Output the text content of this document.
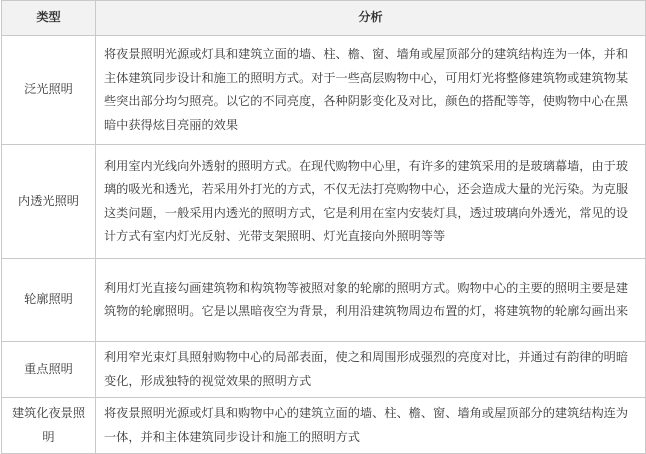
类型	分析
泛光照明	将夜景照明光源或灯具和建筑立面的墙、柱、檐、窗、墙角或屋顶部分的建筑结构连为一体，并和主体建筑同步设计和施工的照明方式。对于一些高层购物中心，可用灯光将整修建筑物或建筑物某些突出部分均匀照亮。以它的不同亮度，各种阴影变化及对比，颜色的搭配等等，使购物中心在黑暗中获得炫目亮丽的效果
内透光照明	利用室内光线向外透射的照明方式。在现代购物中心里，有许多的建筑采用的是玻璃幕墙，由于玻璃的吸光和透光，若采用外打光的方式，不仅无法打亮购物中心，还会造成大量的光污染。为克服这类问题，一般采用内透光的照明方式，它是利用在室内安装灯具，透过玻璃向外透光，常见的设计方式有室内灯光反射、光带支架照明、灯光直接向外照明等等
轮廓照明	利用灯光直接勾画建筑物和构筑物等被照对象的轮廓的照明方式。购物中心的主要的照明主要是建筑物的轮廓照明。它是以黑暗夜空为背景，利用沿建筑物周边布置的灯，将建筑物的轮廓勾画出来
重点照明	利用窄光束灯具照射购物中心的局部表面，使之和周围形成强烈的亮度对比，并通过有韵律的明暗变化，形成独特的视觉效果的照明方式
建筑化夜景照明	将夜景照明光源或灯具和购物中心的建筑立面的墙、柱、檐、窗、墙角或屋顶部分的建筑结构连为一体，并和主体建筑同步设计和施工的照明方式
